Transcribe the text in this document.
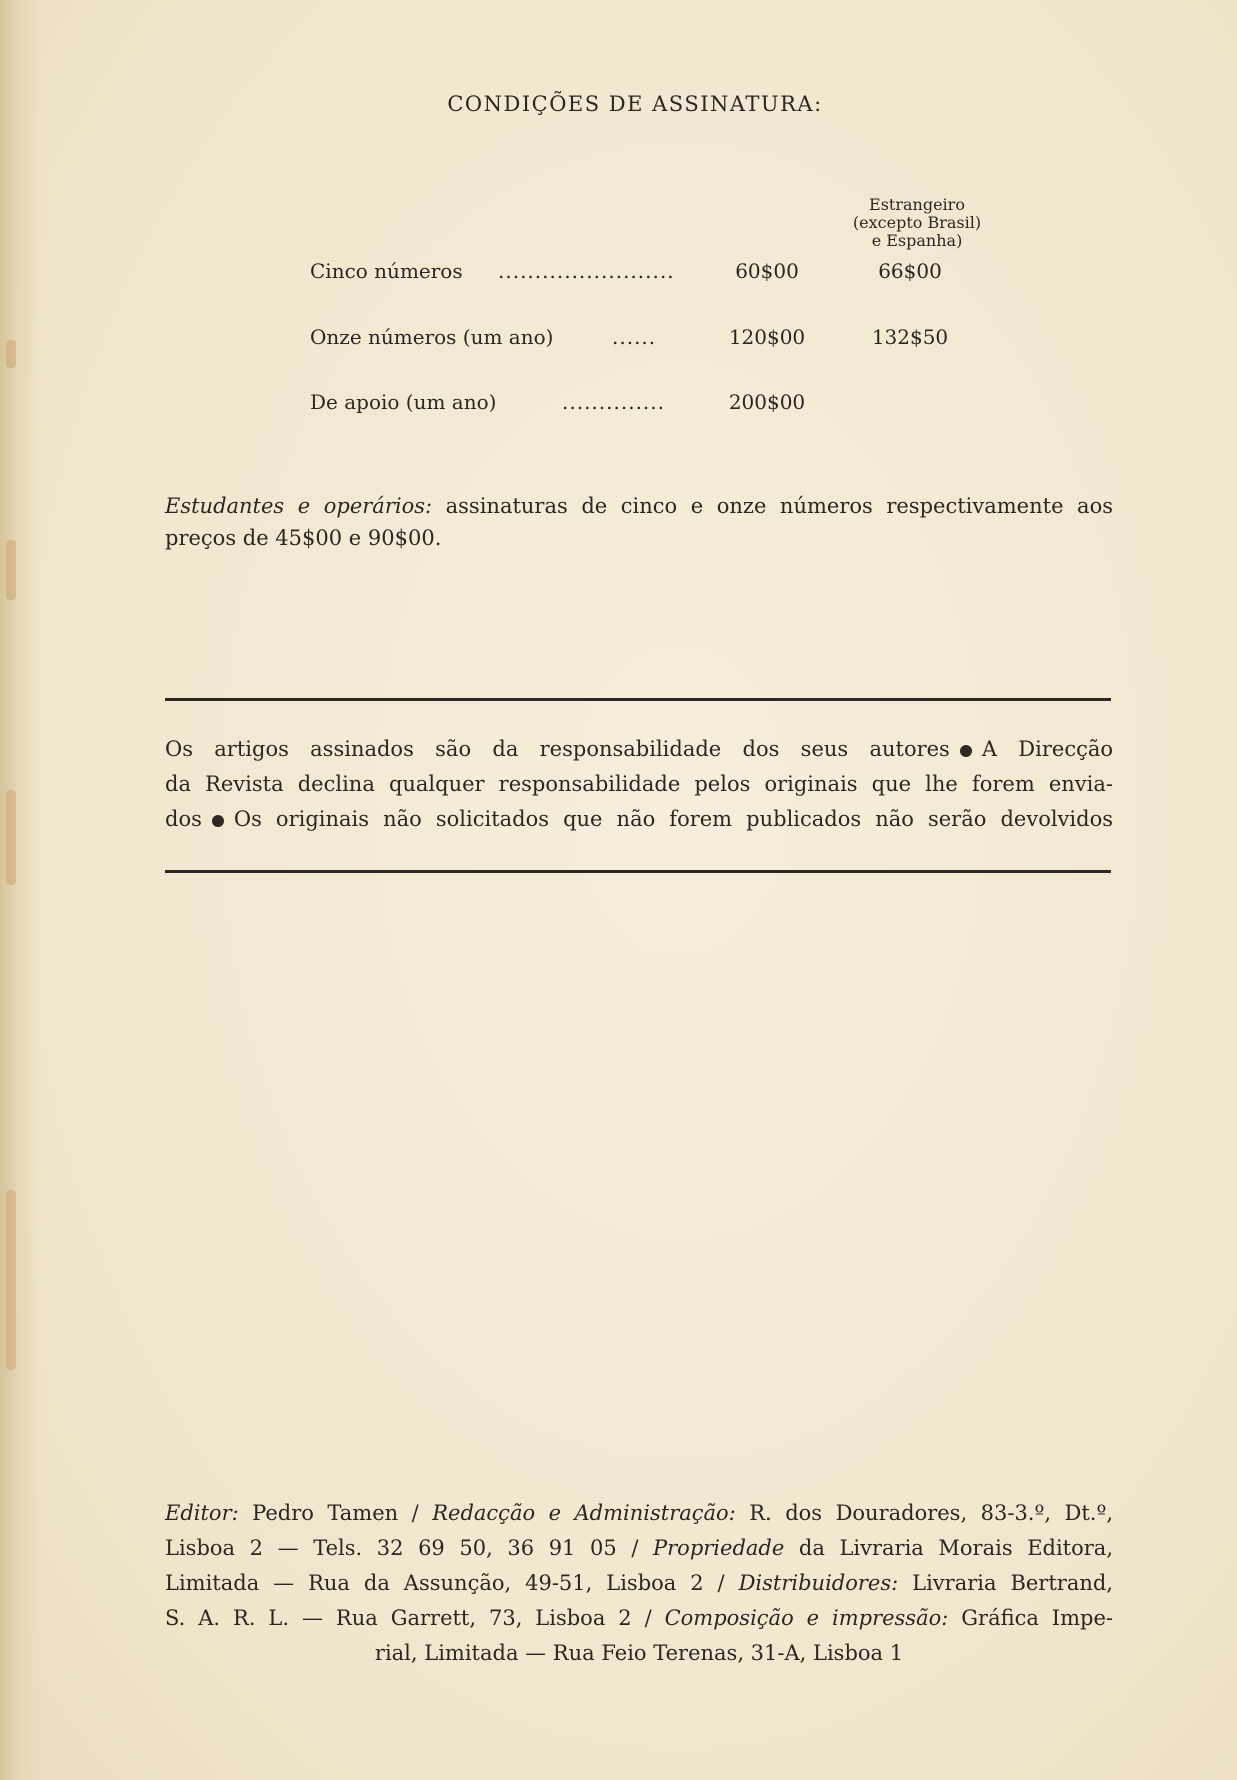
CONDIÇÕES DE ASSINATURA:
Estrangeiro
(excepto Brasil)
e Espanha)
Cinco números ........................	60$00	66$00
Onze números (um ano)	......	120$00	132$50
De apoio (um ano)	..............	200$00
Estudantes e operários: assinaturas de cinco e onze números respectivamente aos preços de 45$00 e 90$00.
Os artigos assinados são da responsabilidade dos seus autores A Direcção
da Revista declina qualquer responsabilidade pelos originais que lhe forem envia-
dos Os originais não solicitados que não forem publicados não serão devolvidos
Editor: Pedro Tamen / Redacção e Administração: R. dos Douradores, 83-3.º, Dt.º,
Lisboa 2 — Tels. 32 69 50, 36 91 05 / Propriedade da Livraria Morais Editora,
Limitada — Rua da Assunção, 49-51, Lisboa 2 / Distribuidores: Livraria Bertrand,
S. A. R. L. — Rua Garrett, 73, Lisboa 2 / Composição e impressão: Gráfica Impe-
rial, Limitada — Rua Feio Terenas, 31-A, Lisboa 1
